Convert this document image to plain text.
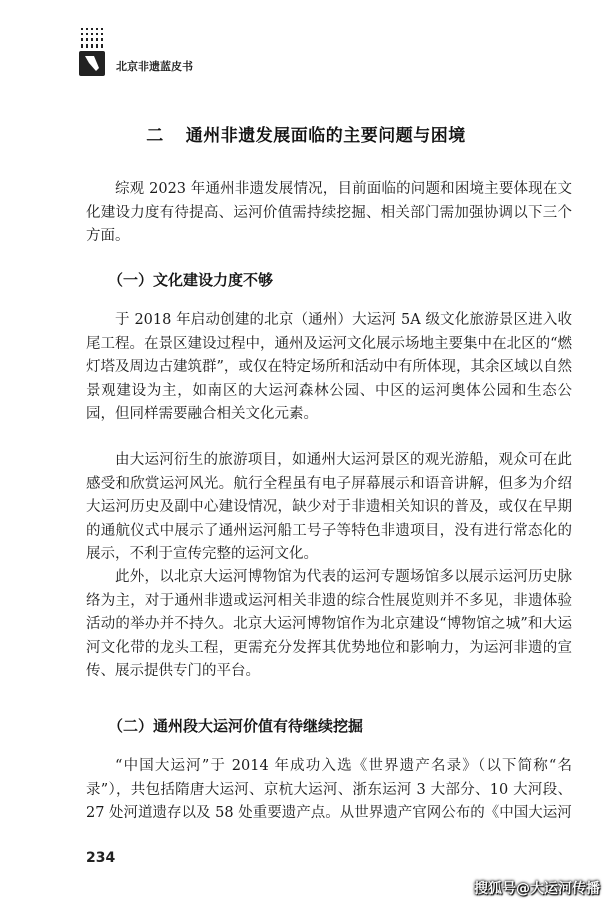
北京非遗蓝皮书
二 通州非遗发展面临的主要问题与困境

综观 2023 年通州非遗发展情况，目前面临的问题和困境主要体现在文化建设力度有待提高、运河价值需持续挖掘、相关部门需加强协调以下三个方面。

（一）文化建设力度不够

于 2018 年启动创建的北京（通州）大运河 5A 级文化旅游景区进入收尾工程。在景区建设过程中，通州及运河文化展示场地主要集中在北区的“燃灯塔及周边古建筑群”，或仅在特定场所和活动中有所体现，其余区域以自然景观建设为主，如南区的大运河森林公园、中区的运河奥体公园和生态公园，但同样需要融合相关文化元素。

由大运河衍生的旅游项目，如通州大运河景区的观光游船，观众可在此感受和欣赏运河风光。航行全程虽有电子屏幕展示和语音讲解，但多为介绍大运河历史及副中心建设情况，缺少对于非遗相关知识的普及，或仅在早期的通航仪式中展示了通州运河船工号子等特色非遗项目，没有进行常态化的展示，不利于宣传完整的运河文化。

此外，以北京大运河博物馆为代表的运河专题场馆多以展示运河历史脉络为主，对于通州非遗或运河相关非遗的综合性展览则并不多见，非遗体验活动的举办并不持久。北京大运河博物馆作为北京建设“博物馆之城”和大运河文化带的龙头工程，更需充分发挥其优势地位和影响力，为运河非遗的宣传、展示提供专门的平台。

（二）通州段大运河价值有待继续挖掘

“中国大运河”于 2014 年成功入选《世界遗产名录》（以下简称“名录”），共包括隋唐大运河、京杭大运河、浙东运河 3 大部分、10 大河段、27 处河道遗存以及 58 处重要遗产点。从世界遗产官网公布的《中国大运河

234
搜狐号@大运河传播
